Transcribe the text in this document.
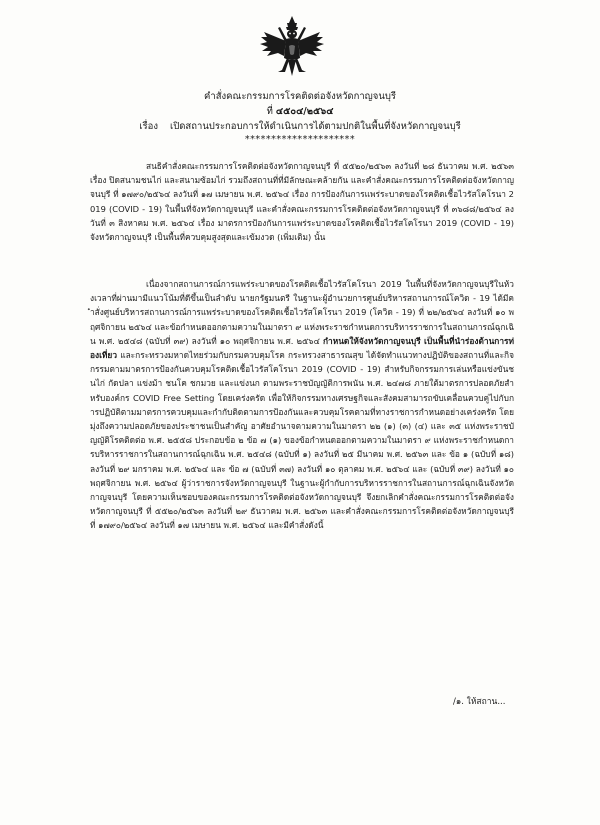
คำสั่งคณะกรรมการโรคติดต่อจังหวัดกาญจนบุรี
ที่ ๔๕๐๔/๒๕๖๔
เรื่อง เปิดสถานประกอบการให้ดำเนินการได้ตามปกติในพื้นที่จังหวัดกาญจนบุรี
*********************
สนธิคำสั่งคณะกรรมการโรคติดต่อจังหวัดกาญจนบุรี ที่ ๕๕๒๐/๒๕๖๓ ลงวันที่ ๒๘ ธันวาคม พ.ศ. ๒๕๖๓ เรื่อง ปิดสนามชนไก่ และสนามซ้อมไก่ รวมถึงสถานที่ที่มีลักษณะคล้ายกัน และคำสั่งคณะกรรมการโรคติดต่อจังหวัดกาญจนบุรี ที่ ๑๗๙๐/๒๕๖๔ ลงวันที่ ๑๗ เมษายน พ.ศ. ๒๕๖๔ เรื่อง การป้องกันการแพร่ระบาดของโรคติดเชื้อไวรัสโคโรนา 2019 (COVID - 19) ในพื้นที่จังหวัดกาญจนบุรี และคำสั่งคณะกรรมการโรคติดต่อจังหวัดกาญจนบุรี ที่ ๓๖๘๘/๒๕๖๔ ลงวันที่ ๓ สิงหาคม พ.ศ. ๒๕๖๔ เรื่อง มาตรการป้องกันการแพร่ระบาดของโรคติดเชื้อไวรัสโคโรนา 2019 (COVID - 19) จังหวัดกาญจนบุรี เป็นพื้นที่ควบคุมสูงสุดและเข้มงวด (เพิ่มเติม) นั้น
เนื่องจากสถานการณ์การแพร่ระบาดของโรคติดเชื้อไวรัสโคโรนา 2019 ในพื้นที่จังหวัดกาญจนบุรีในห้วงเวลาที่ผ่านมามีแนวโน้มที่ดีขึ้นเป็นลำดับ นายกรัฐมนตรี ในฐานะผู้อำนวยการศูนย์บริหารสถานการณ์โควิด - 19 ได้มีคำสั่งศูนย์บริหารสถานการณ์การแพร่ระบาดของโรคติดเชื้อไวรัสโคโรนา 2019 (โควิด - 19) ที่ ๒๒/๒๕๖๔ ลงวันที่ ๑๐ พฤศจิกายน ๒๕๖๔ และข้อกำหนดออกตามความในมาตรา ๙ แห่งพระราชกำหนดการบริหารราชการในสถานการณ์ฉุกเฉิน พ.ศ. ๒๕๔๘ (ฉบับที่ ๓๙) ลงวันที่ ๑๐ พฤศจิกายน พ.ศ. ๒๕๖๔ กำหนดให้จังหวัดกาญจนบุรี เป็นพื้นที่นำร่องด้านการท่องเที่ยว และกระทรวงมหาดไทยร่วมกับกรมควบคุมโรค กระทรวงสาธารณสุข ได้จัดทำแนวทางปฏิบัติของสถานที่และกิจกรรมตามมาตรการป้องกันควบคุมโรคติดเชื้อไวรัสโคโรนา 2019 (COVID - 19) สำหรับกิจกรรมการเล่นหรือแข่งขันชนไก่ กัดปลา แข่งม้า ชนโค ชกมวย และแข่งนก ตามพระราชบัญญัติการพนัน พ.ศ. ๒๔๗๘ ภายใต้มาตรการปลอดภัยสำหรับองค์กร COVID Free Setting โดยเคร่งครัด เพื่อให้กิจกรรมทางเศรษฐกิจและสังคมสามารถขับเคลื่อนควบคู่ไปกับการปฏิบัติตามมาตรการควบคุมและกำกับติดตามการป้องกันและควบคุมโรคตามที่ทางราชการกำหนดอย่างเคร่งครัด โดยมุ่งถึงความปลอดภัยของประชาชนเป็นสำคัญ อาศัยอำนาจตามความในมาตรา ๒๒ (๑) (๓) (๔) และ ๓๕ แห่งพระราชบัญญัติโรคติดต่อ พ.ศ. ๒๕๕๘ ประกอบข้อ ๒ ข้อ ๗ (๑) ของข้อกำหนดออกตามความในมาตรา ๙ แห่งพระราชกำหนดการบริหารราชการในสถานการณ์ฉุกเฉิน พ.ศ. ๒๕๔๘ (ฉบับที่ ๑) ลงวันที่ ๒๕ มีนาคม พ.ศ. ๒๕๖๓ และ ข้อ ๑ (ฉบับที่ ๑๘) ลงวันที่ ๒๙ มกราคม พ.ศ. ๒๕๖๔ และ ข้อ ๗ (ฉบับที่ ๓๗) ลงวันที่ ๑๐ ตุลาคม พ.ศ. ๒๕๖๔ และ (ฉบับที่ ๓๙) ลงวันที่ ๑๐ พฤศจิกายน พ.ศ. ๒๕๖๔ ผู้ว่าราชการจังหวัดกาญจนบุรี ในฐานะผู้กำกับการบริหารราชการในสถานการณ์ฉุกเฉินจังหวัดกาญจนบุรี โดยความเห็นชอบของคณะกรรมการโรคติดต่อจังหวัดกาญจนบุรี จึงยกเลิกคำสั่งคณะกรรมการโรคติดต่อจังหวัดกาญจนบุรี ที่ ๕๕๒๐/๒๕๖๓ ลงวันที่ ๒๙ ธันวาคม พ.ศ. ๒๕๖๓ และคำสั่งคณะกรรมการโรคติดต่อจังหวัดกาญจนบุรี ที่ ๑๗๙๐/๒๕๖๔ ลงวันที่ ๑๗ เมษายน พ.ศ. ๒๕๖๔ และมีคำสั่งดังนี้
/๑. ให้สถาน...
